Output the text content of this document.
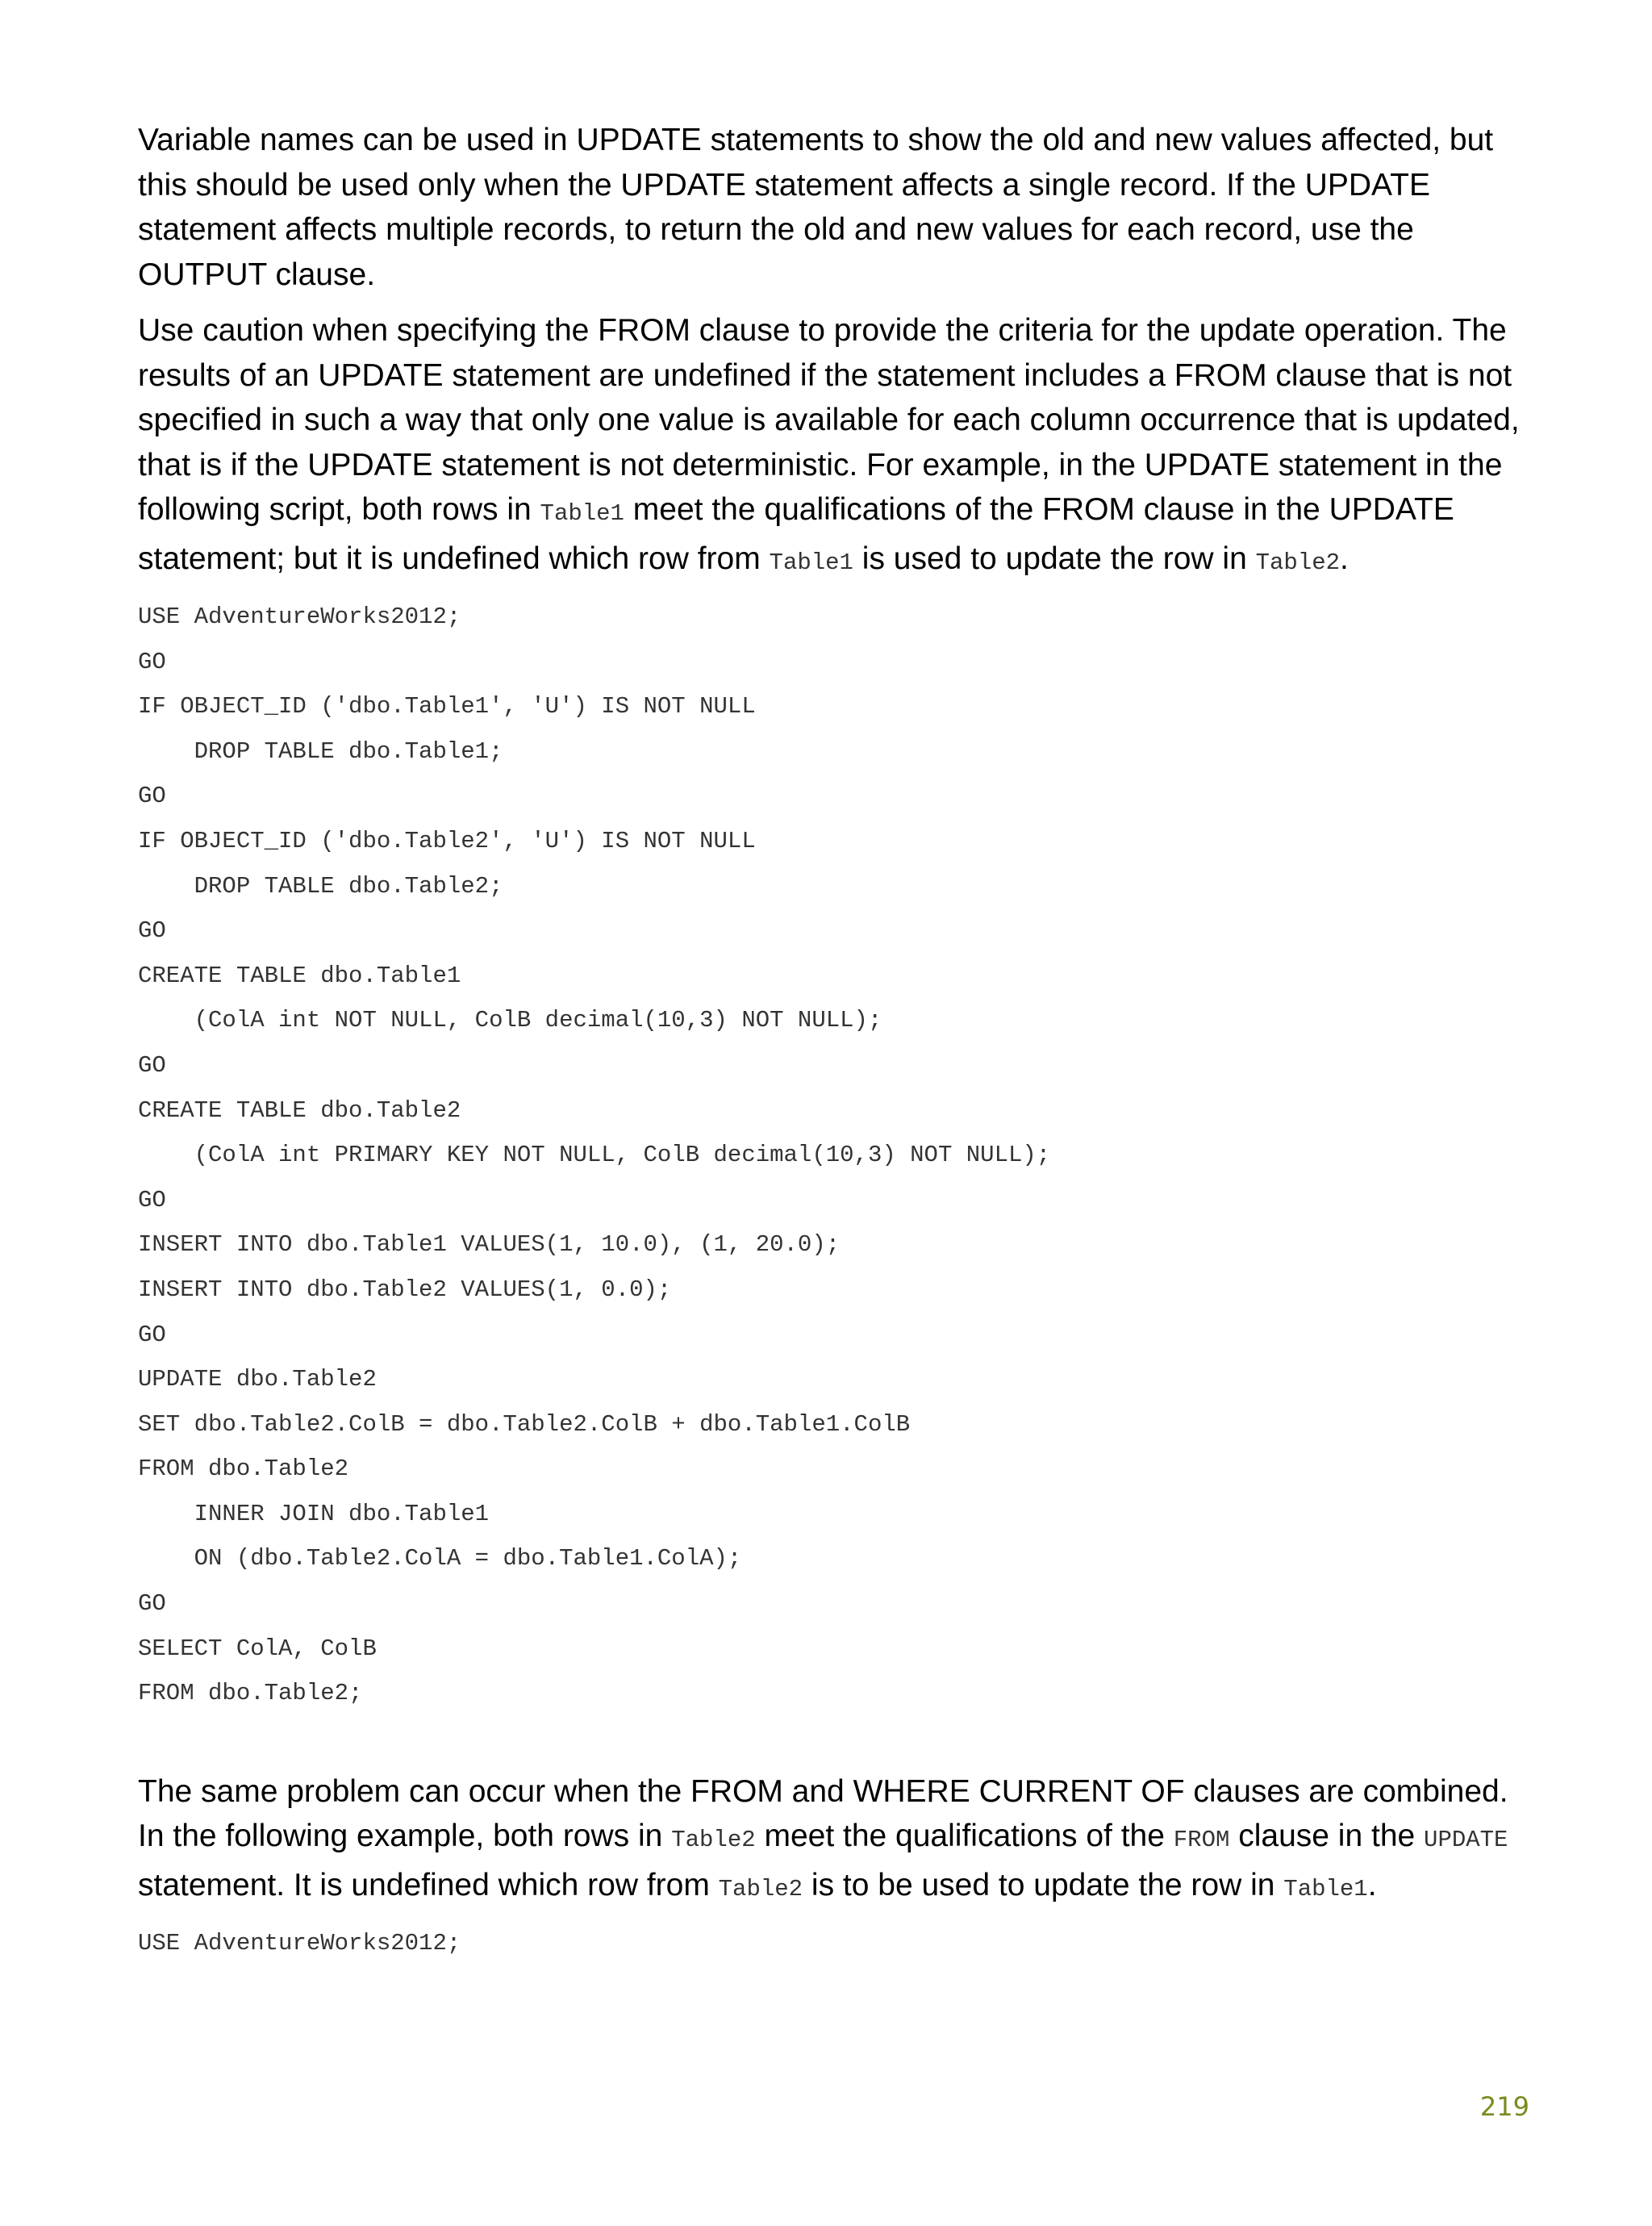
Variable names can be used in UPDATE statements to show the old and new values affected, but this should be used only when the UPDATE statement affects a single record. If the UPDATE statement affects multiple records, to return the old and new values for each record, use the OUTPUT clause.

Use caution when specifying the FROM clause to provide the criteria for the update operation. The results of an UPDATE statement are undefined if the statement includes a FROM clause that is not specified in such a way that only one value is available for each column occurrence that is updated, that is if the UPDATE statement is not deterministic. For example, in the UPDATE statement in the following script, both rows in Table1 meet the qualifications of the FROM clause in the UPDATE statement; but it is undefined which row from Table1 is used to update the row in Table2.

USE AdventureWorks2012;
GO
IF OBJECT_ID ('dbo.Table1', 'U') IS NOT NULL
DROP TABLE dbo.Table1;
GO
IF OBJECT_ID ('dbo.Table2', 'U') IS NOT NULL
DROP TABLE dbo.Table2;
GO
CREATE TABLE dbo.Table1
(ColA int NOT NULL, ColB decimal(10,3) NOT NULL);
GO
CREATE TABLE dbo.Table2
(ColA int PRIMARY KEY NOT NULL, ColB decimal(10,3) NOT NULL);
GO
INSERT INTO dbo.Table1 VALUES(1, 10.0), (1, 20.0);
INSERT INTO dbo.Table2 VALUES(1, 0.0);
GO
UPDATE dbo.Table2
SET dbo.Table2.ColB = dbo.Table2.ColB + dbo.Table1.ColB
FROM dbo.Table2
INNER JOIN dbo.Table1
ON (dbo.Table2.ColA = dbo.Table1.ColA);
GO
SELECT ColA, ColB
FROM dbo.Table2;

The same problem can occur when the FROM and WHERE CURRENT OF clauses are combined. In the following example, both rows in Table2 meet the qualifications of the FROM clause in the UPDATE statement. It is undefined which row from Table2 is to be used to update the row in Table1.

USE AdventureWorks2012;
219
